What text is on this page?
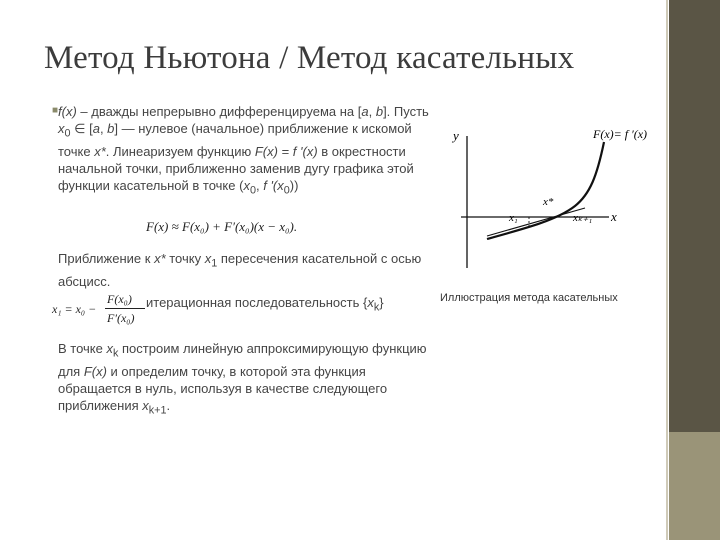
Метод Ньютона / Метод касательных
■ f(x) – дважды непрерывно дифференцируема на [a, b]. Пусть $x_0$ ∈ [a, b] — нулевое (начальное) приближение к искомой точке x*. Линеаризуем функцию F(x) = f '(x) в окрестности начальной точки, приближенно заменив дугу графика этой функции касательной в точке ($x_0$, f '$(x_0)$)
F(x) ≈ F(x₀) + F′(x₀)(x − x₀).
Приближение к x* точку $x_1$ пересечения касательной с осью абсцисс.
x₁ = x₀ −
F(x₀)
F′(x₀)
итерационная последовательность $\{x_k\}$
В точке $x_k$ построим линейную аппроксимирующую функцию для F(x) и определим точку, в которой эта функция обращается в нуль, используя в качестве следующего приближения $x_{k+1}$.
y
x
F(x)= f ′(x)
x*
x₁	xₖ₊₁
Иллюстрация метода касательных
